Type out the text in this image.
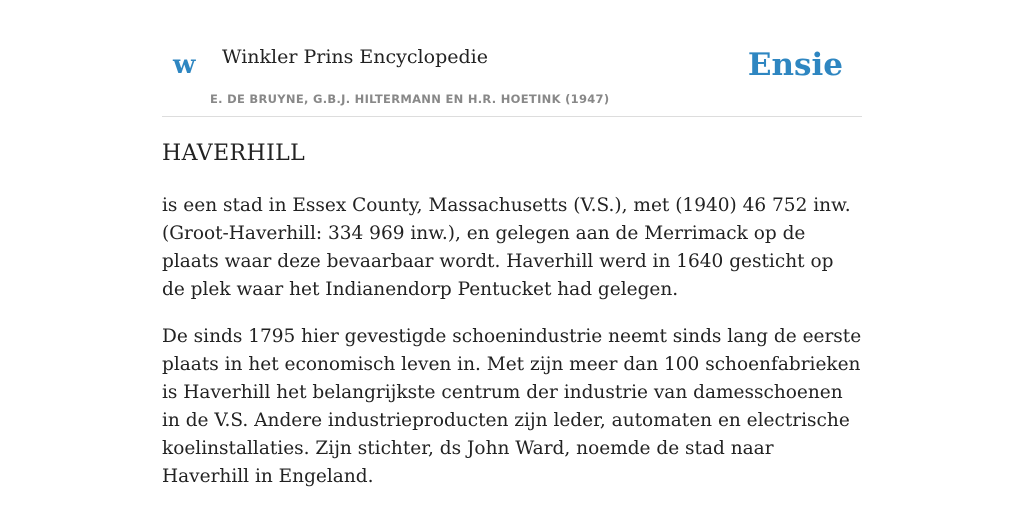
w Winkler Prins Encyclopedie
E. DE BRUYNE, G.B.J. HILTERMANN EN H.R. HOETINK (1947)
Ensie
HAVERHILL

is een stad in Essex County, Massachusetts (V.S.), met (1940) 46 752 inw. (Groot-Haverhill: 334 969 inw.), en gelegen aan de Merrimack op de plaats waar deze bevaarbaar wordt. Haverhill werd in 1640 gesticht op de plek waar het Indianendorp Pentucket had gelegen.

De sinds 1795 hier gevestigde schoenindustrie neemt sinds lang de eerste plaats in het economisch leven in. Met zijn meer dan 100 schoenfabrieken is Haverhill het belangrijkste centrum der industrie van damesschoenen in de V.S. Andere industrieproducten zijn leder, automaten en electrische koelinstallaties. Zijn stichter, ds John Ward, noemde de stad naar Haverhill in Engeland.
